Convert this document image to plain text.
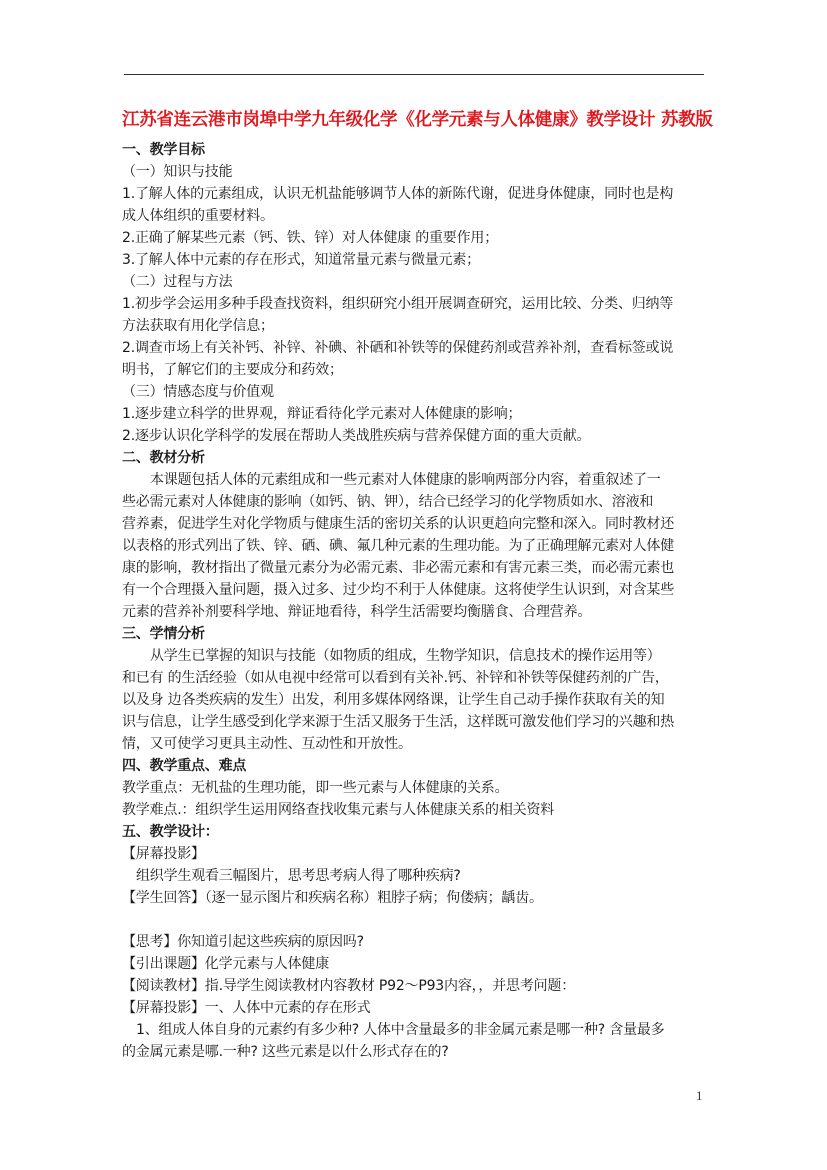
江苏省连云港市岗埠中学九年级化学《化学元素与人体健康》教学设计 苏教版

一、教学目标

（一）知识与技能

1.了解人体的元素组成，认识无机盐能够调节人体的新陈代谢，促进身体健康，同时也是构

成人体组织的重要材料。

2.正确了解某些元素（钙、铁、锌）对人体健康 的重要作用；

3.了解人体中元素的存在形式，知道常量元素与微量元素；

（二）过程与方法

1.初步学会运用多种手段查找资料，组织研究小组开展调查研究，运用比较、分类、归纳等

方法获取有用化学信息；

2.调查市场上有关补钙、补锌、补碘、补硒和补铁等的保健药剂或营养补剂，查看标签或说

明书，了解它们的主要成分和药效；

（三）情感态度与价值观

1.逐步建立科学的世界观，辩证看待化学元素对人体健康的影响；

2.逐步认识化学科学的发展在帮助人类战胜疾病与营养保健方面的重大贡献。

二、教材分析

本课题包括人体的元素组成和一些元素对人体健康的影响两部分内容，着重叙述了一

些必需元素对人体健康的影响（如钙、钠、钾），结合已经学习的化学物质如水、溶液和

营养素，促进学生对化学物质与健康生活的密切关系的认识更趋向完整和深入。同时教材还

以表格的形式列出了铁、锌、硒、碘、氟几种元素的生理功能。为了正确理解元素对人体健

康的影响，教材指出了微量元素分为必需元素、非必需元素和有害元素三类，而必需元素也

有一个合理摄入量问题，摄入过多、过少均不利于人体健康。这将使学生认识到，对含某些

元素的营养补剂要科学地、辩证地看待，科学生活需要均衡膳食、合理营养。

三、学情分析

从学生已掌握的知识与技能（如物质的组成，生物学知识，信息技术的操作运用等）

和已有 的生活经验（如从电视中经常可以看到有关补.钙、补锌和补铁等保健药剂的广告，

以及身 边各类疾病的发生）出发，利用多媒体网络课，让学生自己动手操作获取有关的知

识与信息，让学生感受到化学来源于生活又服务于生活，这样既可激发他们学习的兴趣和热

情，又可使学习更具主动性、互动性和开放性。

四、教学重点、难点

教学重点：无机盐的生理功能，即一些元素与人体健康的关系。

教学难点.：组织学生运用网络查找收集元素与人体健康关系的相关资料

五、教学设计：

【屏幕投影】

组织学生观看三幅图片，思考思考病人得了哪种疾病?

【学生回答】（逐一显示图片和疾病名称）粗脖子病；佝偻病；龋齿。

【思考】你知道引起这些疾病的原因吗?

【引出课题】化学元素与人体健康

【阅读教材】指.导学生阅读教材内容教材 P92～P93内容，，并思考问题：

【屏幕投影】一、人体中元素的存在形式

1、组成人体自身的元素约有多少种? 人体中含量最多的非金属元素是哪一种? 含量最多

的金属元素是哪.一种? 这些元素是以什么形式存在的?

1
